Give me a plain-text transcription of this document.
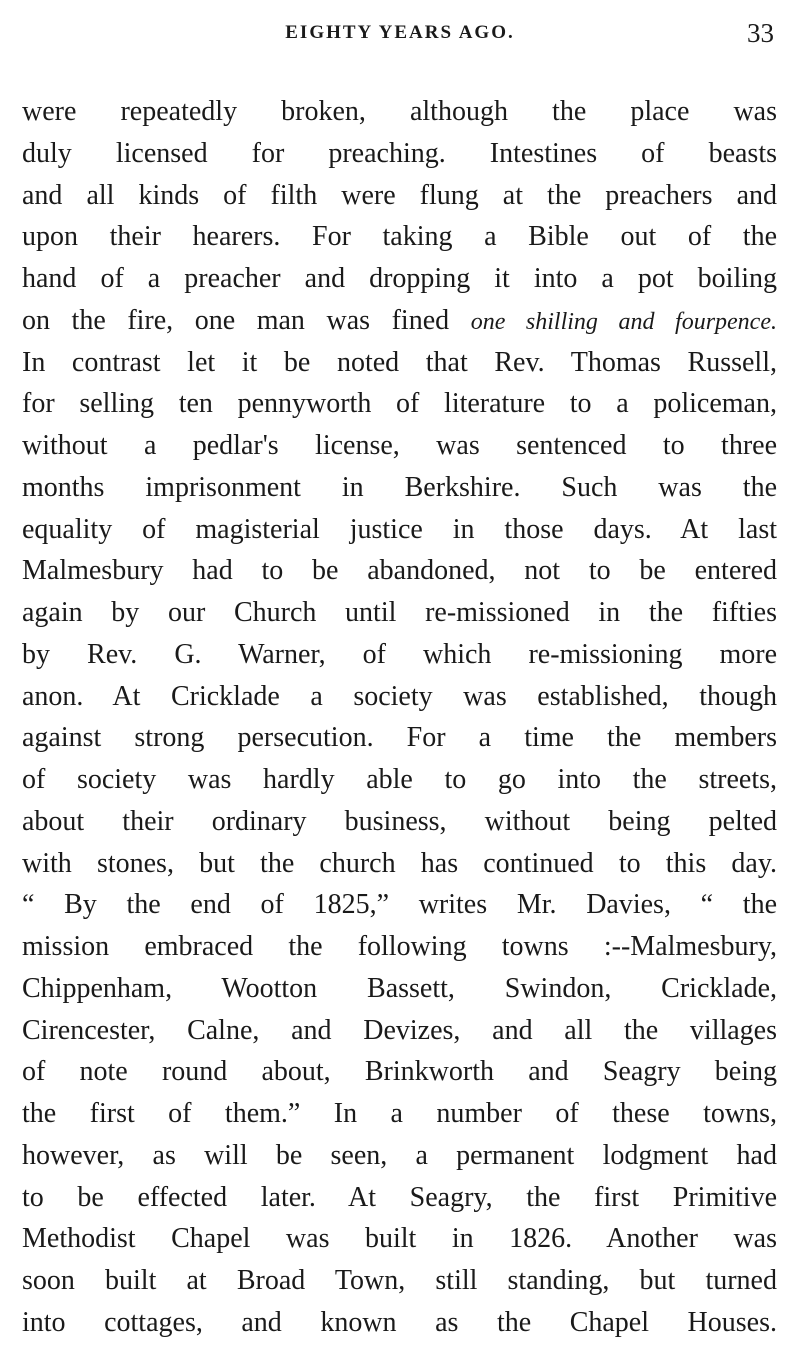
EIGHTY YEARS AGO.	33
were repeatedly broken, although the place was
duly licensed for preaching. Intestines of beasts
and all kinds of filth were flung at the preachers and
upon their hearers. For taking a Bible out of the
hand of a preacher and dropping it into a pot boiling
on the fire, one man was fined one shilling and fourpence.
In contrast let it be noted that Rev. Thomas Russell,
for selling ten pennyworth of literature to a policeman,
without a pedlar's license, was sentenced to three
months imprisonment in Berkshire. Such was the
equality of magisterial justice in those days. At last
Malmesbury had to be abandoned, not to be entered
again by our Church until re-missioned in the fifties
by Rev. G. Warner, of which re-missioning more
anon. At Cricklade a society was established, though
against strong persecution. For a time the members
of society was hardly able to go into the streets,
about their ordinary business, without being pelted
with stones, but the church has continued to this day.
“ By the end of 1825,” writes Mr. Davies, “ the
mission embraced the following towns :--Malmesbury,
Chippenham, Wootton Bassett, Swindon, Cricklade,
Cirencester, Calne, and Devizes, and all the villages
of note round about, Brinkworth and Seagry being
the first of them.” In a number of these towns,
however, as will be seen, a permanent lodgment had
to be effected later. At Seagry, the first Primitive
Methodist Chapel was built in 1826. Another was
soon built at Broad Town, still standing, but turned
into cottages, and known as the Chapel Houses.
